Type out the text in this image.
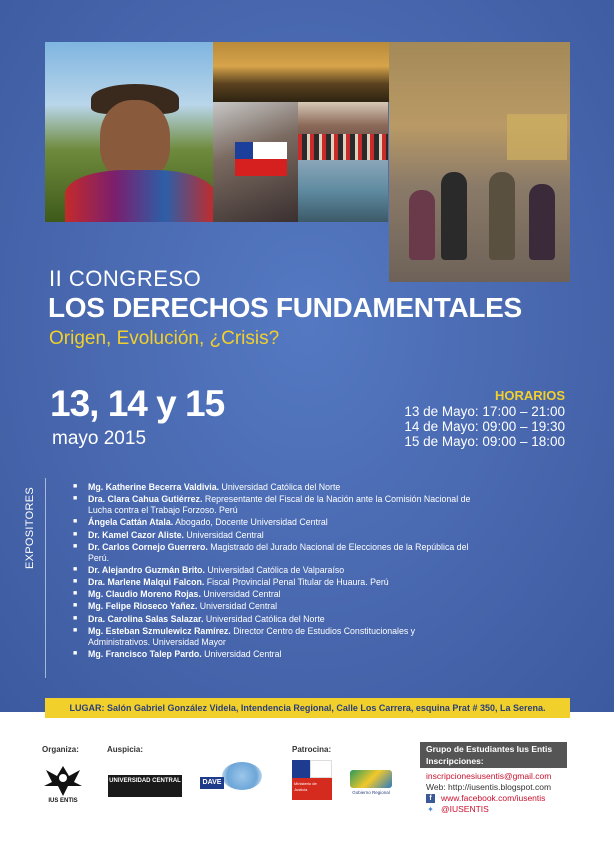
II CONGRESO
LOS DERECHOS FUNDAMENTALES
Origen, Evolución, ¿Crisis?
13, 14 y 15
mayo 2015
HORARIOS
13 de Mayo: 17:00 – 21:00
14 de Mayo: 09:00 – 19:30
15 de Mayo: 09:00 – 18:00
EXPOSITORES
■ Mg. Katherine Becerra Valdivia. Universidad Católica del Norte
■ Dra. Clara Cahua Gutiérrez. Representante del Fiscal de la Nación ante la Comisión Nacional de Lucha contra el Trabajo Forzoso. Perú
■ Ángela Cattán Atala. Abogado, Docente Universidad Central
■ Dr. Kamel Cazor Aliste. Universidad Central
■ Dr. Carlos Cornejo Guerrero. Magistrado del Jurado Nacional de Elecciones de la República del Perú.
■ Dr. Alejandro Guzmán Brito. Universidad Católica de Valparaíso
■ Dra. Marlene Malqui Falcon. Fiscal Provincial Penal Titular de Huaura. Perú
■ Mg. Claudio Moreno Rojas. Universidad Central
■ Mg. Felipe Rioseco Yañez. Universidad Central
■ Dra. Carolina Salas Salazar. Universidad Católica del Norte
■ Mg. Esteban Szmulewicz Ramírez. Director Centro de Estudios Constitucionales y Administrativos. Universidad Mayor
■ Mg. Francisco Talep Pardo. Universidad Central
LUGAR: Salón Gabriel González Videla, Intendencia Regional, Calle Los Carrera, esquina Prat # 350, La Serena.
Organiza:	Auspicia:	Patrocina:
IUS ENTIS
UNIVERSIDAD CENTRAL	DAVE	Ministerio de Justicia
Gobierno Regional
Grupo de Estudiantes Ius Entis
Inscripciones:
inscripcionesiusentis@gmail.com
Web: http://iusentis.blogspot.com
f	www.facebook.com/iusentis
✦ @IUSENTIS
